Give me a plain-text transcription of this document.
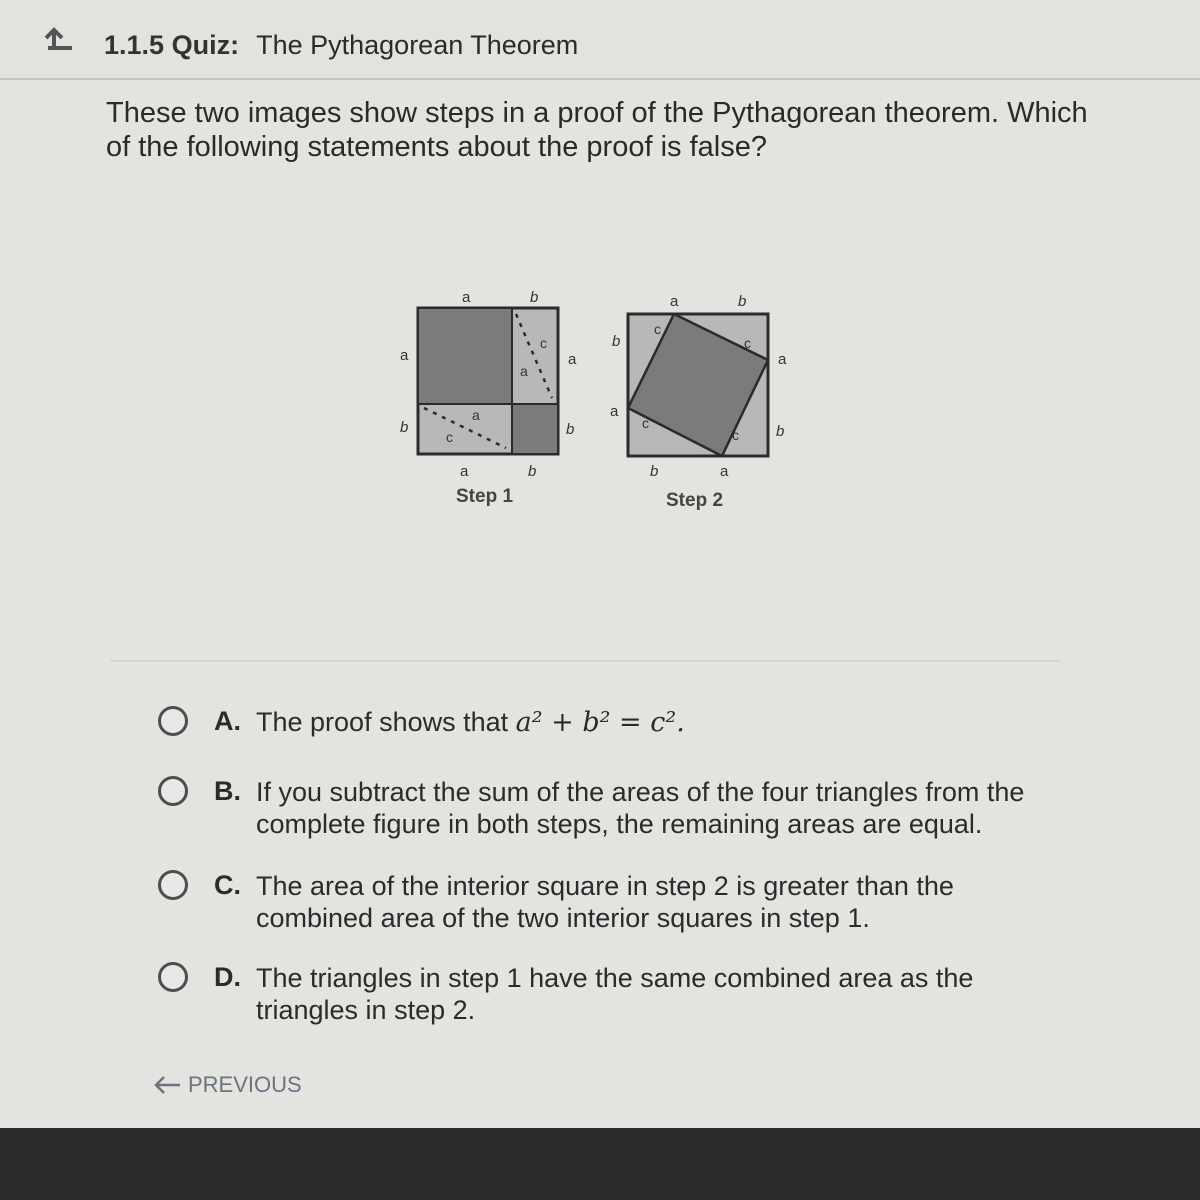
1.1.5 Quiz: The Pythagorean Theorem
These two images show steps in a proof of the Pythagorean theorem. Which of the following statements about the proof is false?
a	b
a
b
a
b
a	b
c
a
a
c
Step 1
a	b
b
a
a
b
b	a
c
c
c
c
Step 2
A. The proof shows that a² + b² = c².
B. If you subtract the sum of the areas of the four triangles from the complete figure in both steps, the remaining areas are equal.
C. The area of the interior square in step 2 is greater than the combined area of the two interior squares in step 1.
D. The triangles in step 1 have the same combined area as the triangles in step 2.
PREVIOUS
